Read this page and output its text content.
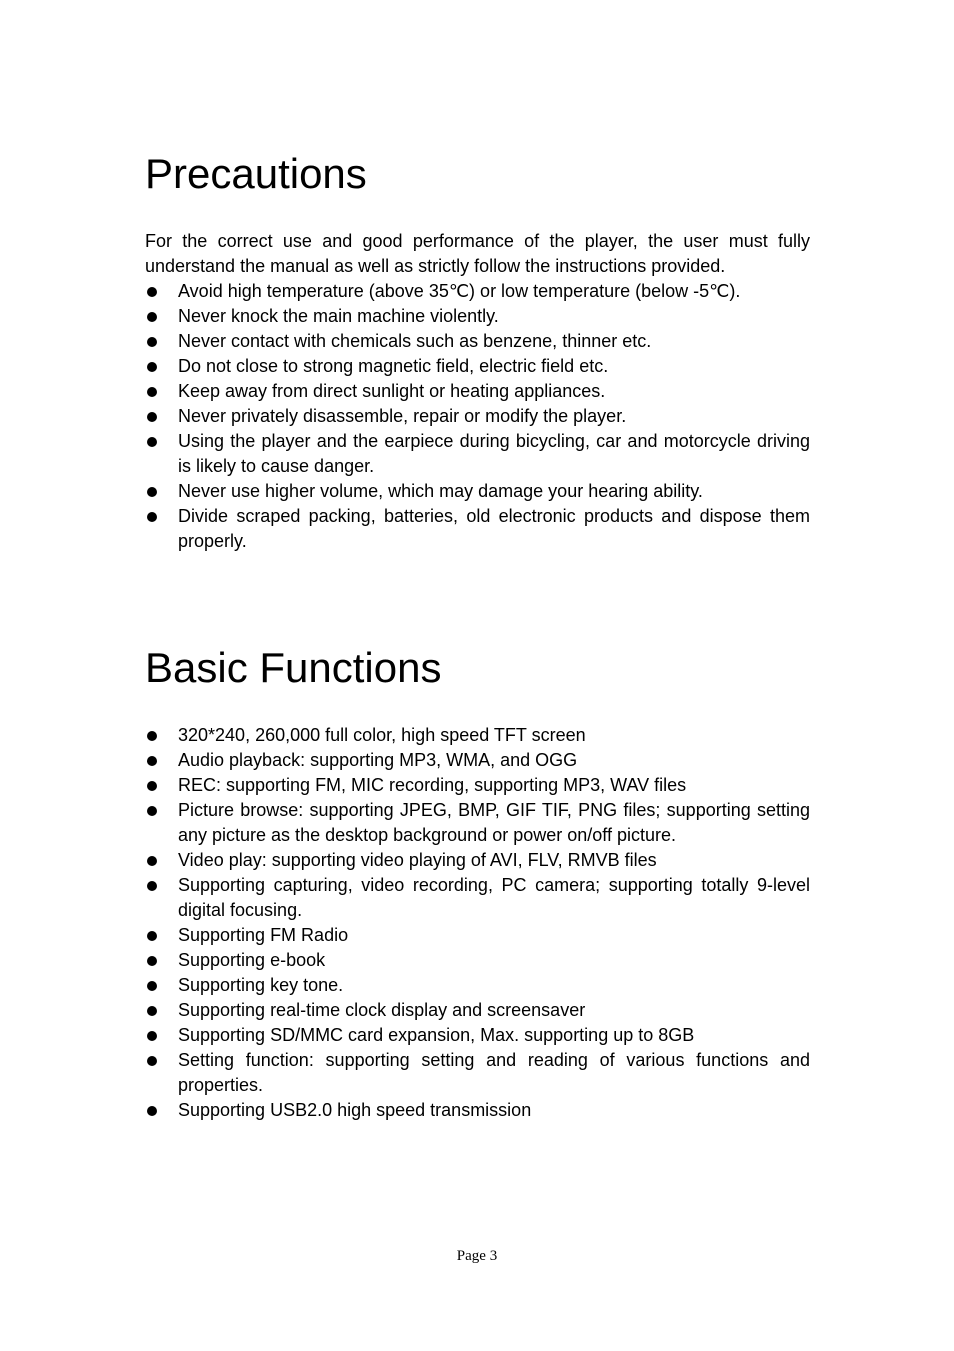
Precautions

For the correct use and good performance of the player, the user must fully understand the manual as well as strictly follow the instructions provided.

Avoid high temperature (above 35℃) or low temperature (below -5℃).
Never knock the main machine violently.
Never contact with chemicals such as benzene, thinner etc.
Do not close to strong magnetic field, electric field etc.
Keep away from direct sunlight or heating appliances.
Never privately disassemble, repair or modify the player.
Using the player and the earpiece during bicycling, car and motorcycle driving is likely to cause danger.
Never use higher volume, which may damage your hearing ability.
Divide scraped packing, batteries, old electronic products and dispose them properly.
Basic Functions
320*240, 260,000 full color, high speed TFT screen
Audio playback: supporting MP3, WMA, and OGG
REC: supporting FM, MIC recording, supporting MP3, WAV files
Picture browse: supporting JPEG, BMP, GIF TIF, PNG files; supporting setting any picture as the desktop background or power on/off picture.
Video play: supporting video playing of AVI, FLV, RMVB files
Supporting capturing, video recording, PC camera; supporting totally 9-level digital focusing.
Supporting FM Radio
Supporting e-book
Supporting key tone.
Supporting real-time clock display and screensaver
Supporting SD/MMC card expansion, Max. supporting up to 8GB
Setting function: supporting setting and reading of various functions and properties.
Supporting USB2.0 high speed transmission
Page 3
